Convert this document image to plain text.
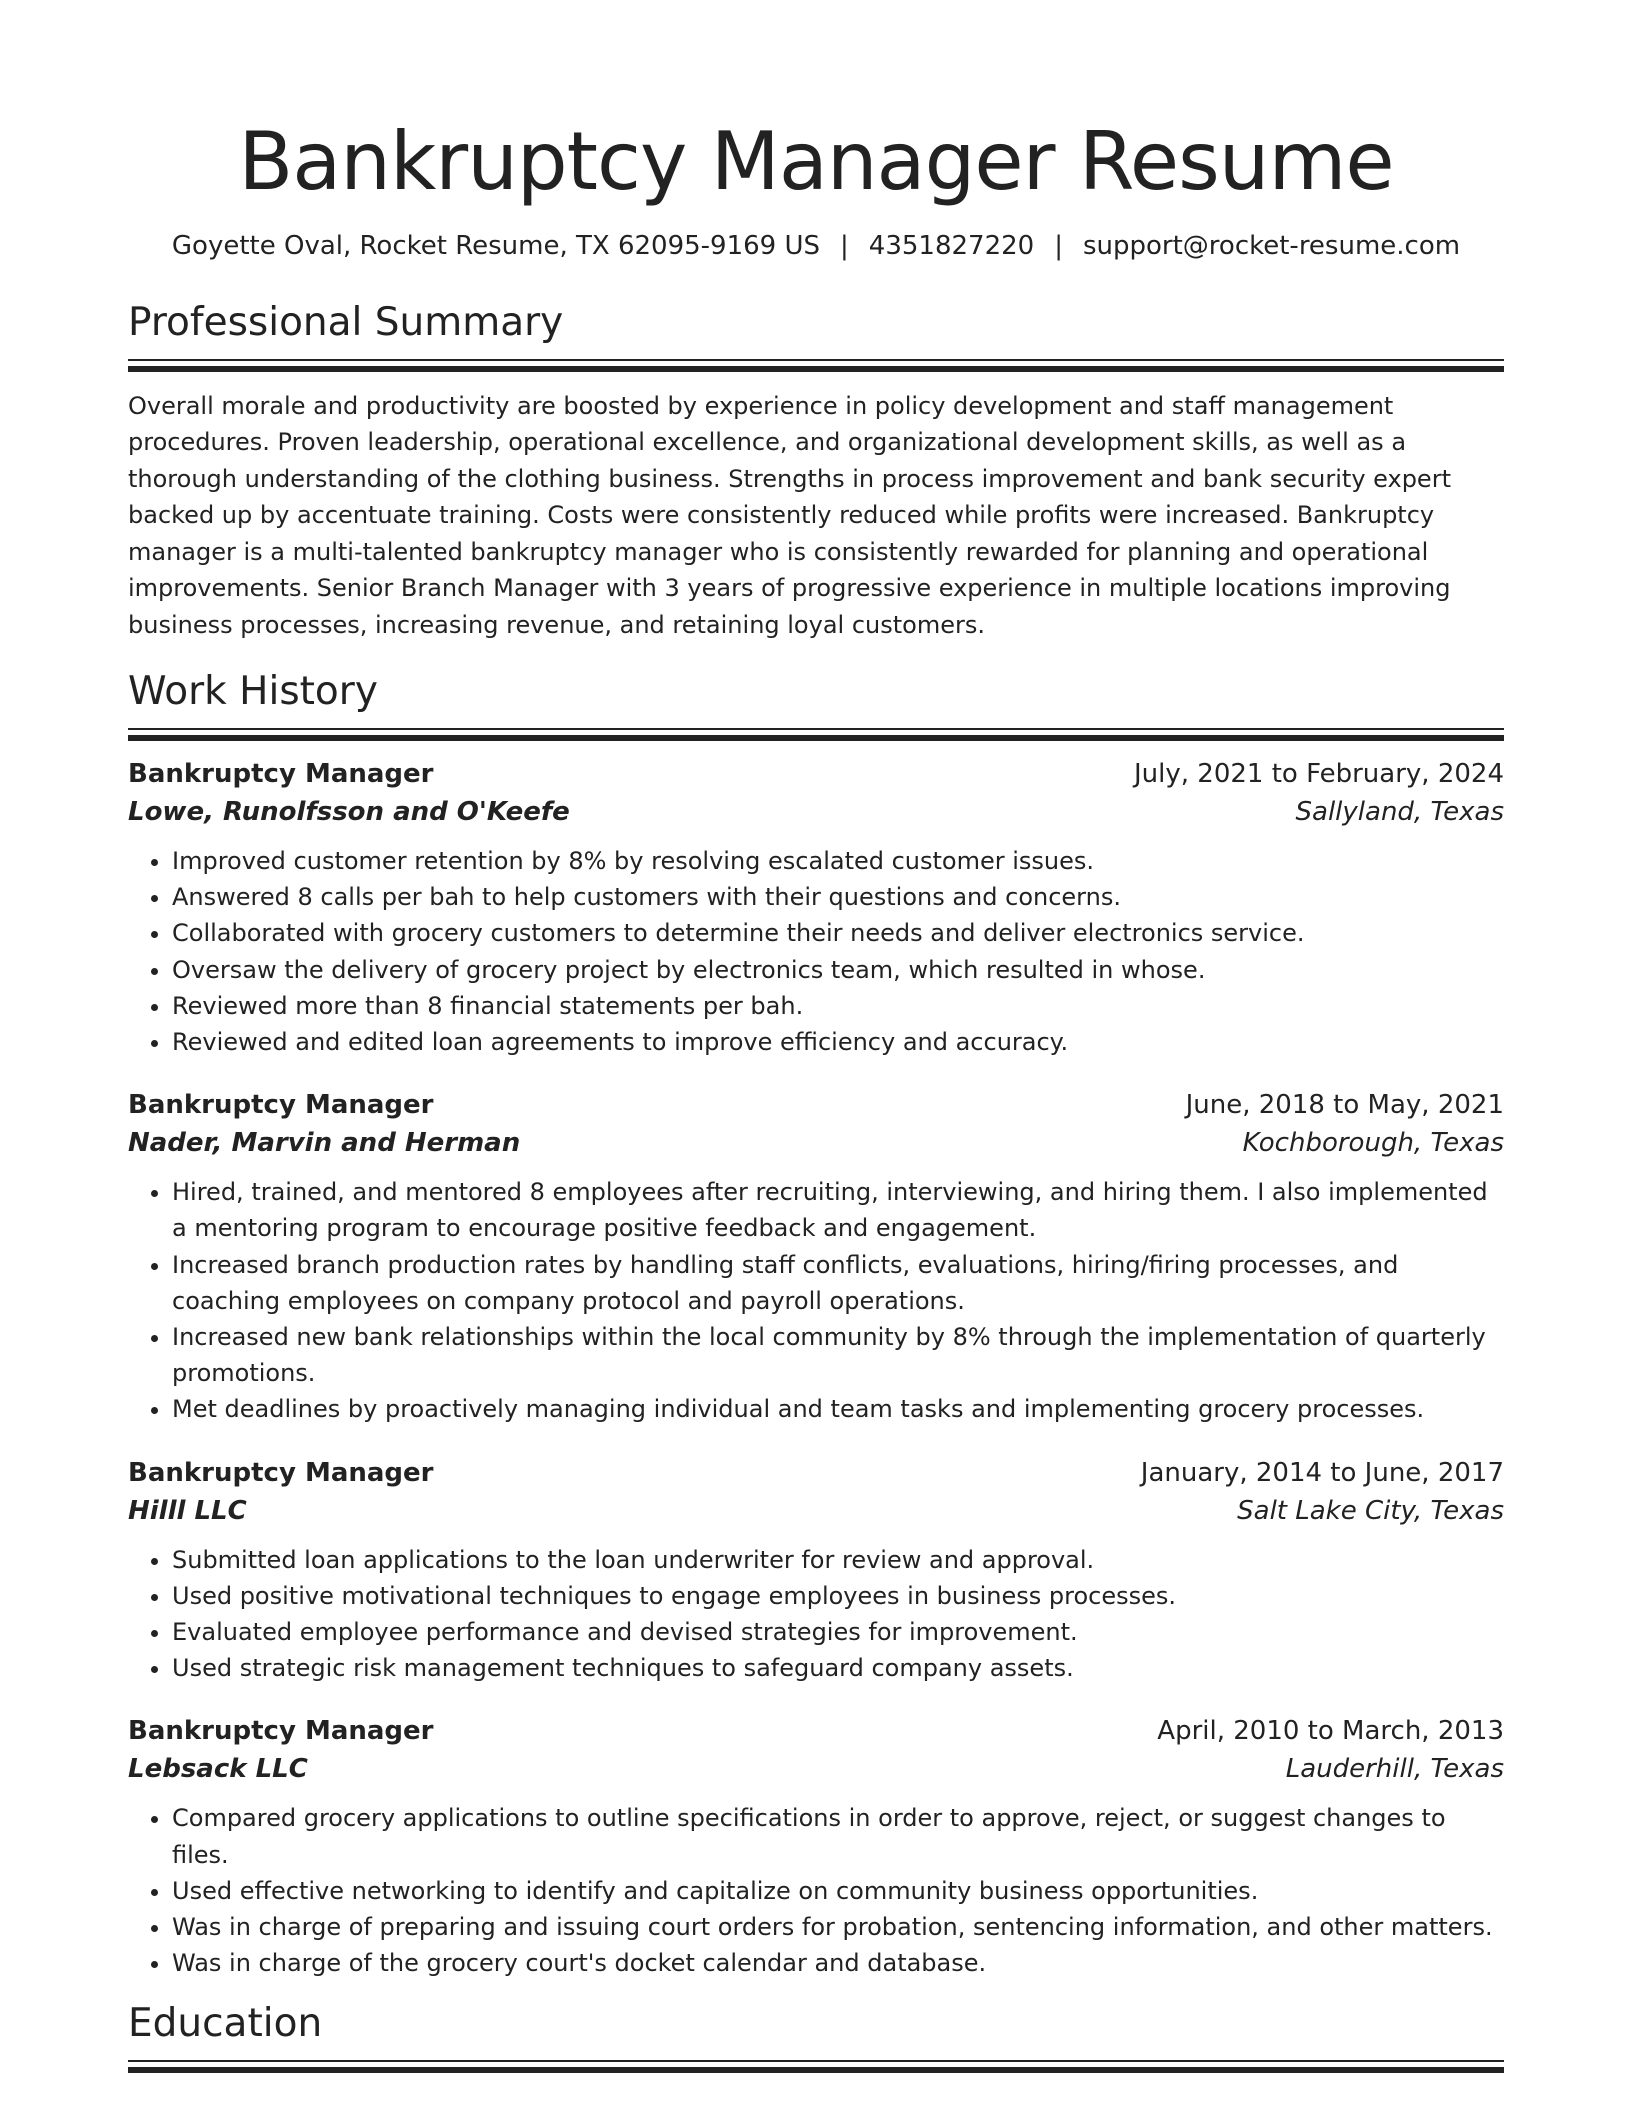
Bankruptcy Manager Resume
Goyette Oval, Rocket Resume, TX 62095-9169 US | 4351827220 | support@rocket-resume.com
Professional Summary
Overall morale and productivity are boosted by experience in policy development and staff management procedures. Proven leadership, operational excellence, and organizational development skills, as well as a thorough understanding of the clothing business. Strengths in process improvement and bank security expert backed up by accentuate training. Costs were consistently reduced while profits were increased. Bankruptcy manager is a multi-talented bankruptcy manager who is consistently rewarded for planning and operational improvements. Senior Branch Manager with 3 years of progressive experience in multiple locations improving business processes, increasing revenue, and retaining loyal customers.
Work History
Bankruptcy Manager	July, 2021 to February, 2024
Lowe, Runolfsson and O'Keefe	Sallyland, Texas
• Improved customer retention by 8% by resolving escalated customer issues.
• Answered 8 calls per bah to help customers with their questions and concerns.
• Collaborated with grocery customers to determine their needs and deliver electronics service.
• Oversaw the delivery of grocery project by electronics team, which resulted in whose.
• Reviewed more than 8 financial statements per bah.
• Reviewed and edited loan agreements to improve efficiency and accuracy.
Bankruptcy Manager	June, 2018 to May, 2021
Nader, Marvin and Herman	Kochborough, Texas
• Hired, trained, and mentored 8 employees after recruiting, interviewing, and hiring them. I also implemented a mentoring program to encourage positive feedback and engagement.
• Increased branch production rates by handling staff conflicts, evaluations, hiring/firing processes, and coaching employees on company protocol and payroll operations.
• Increased new bank relationships within the local community by 8% through the implementation of quarterly promotions.
• Met deadlines by proactively managing individual and team tasks and implementing grocery processes.
Bankruptcy Manager	January, 2014 to June, 2017
Hilll LLC	Salt Lake City, Texas
• Submitted loan applications to the loan underwriter for review and approval.
• Used positive motivational techniques to engage employees in business processes.
• Evaluated employee performance and devised strategies for improvement.
• Used strategic risk management techniques to safeguard company assets.
Bankruptcy Manager	April, 2010 to March, 2013
Lebsack LLC	Lauderhill, Texas
• Compared grocery applications to outline specifications in order to approve, reject, or suggest changes to files.
• Used effective networking to identify and capitalize on community business opportunities.
• Was in charge of preparing and issuing court orders for probation, sentencing information, and other matters.
• Was in charge of the grocery court's docket calendar and database.
Education
